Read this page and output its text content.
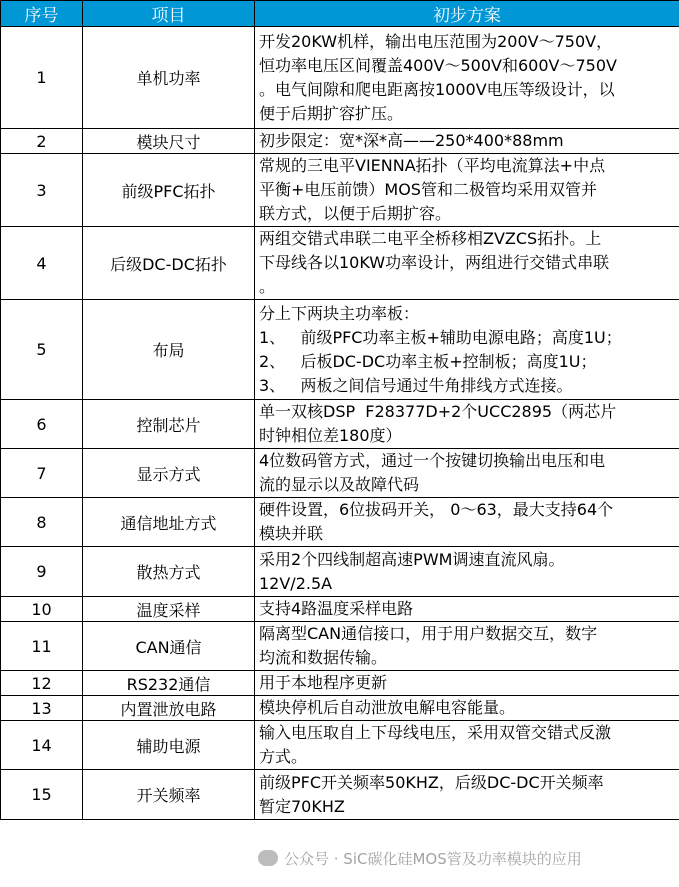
序号	项目	初步方案
1	单机功率	开发20KW机样，输出电压范围为200V～750V，
恒功率电压区间覆盖400V～500V和600V～750V
。电气间隙和爬电距离按1000V电压等级设计，以
便于后期扩容扩压。

2	模块尺寸	初步限定：宽*深*高——250*400*88mm

3	前级PFC拓扑	常规的三电平VIENNA拓扑（平均电流算法+中点
平衡+电压前馈）MOS管和二极管均采用双管并
联方式，以便于后期扩容。

4	后级DC-DC拓扑	两组交错式串联二电平全桥移相ZVZCS拓扑。上
下母线各以10KW功率设计，两组进行交错式串联
。

5	布局	分上下两块主功率板：
1、   前级PFC功率主板+辅助电源电路；高度1U；
2、   后板DC-DC功率主板+控制板；高度1U；
3、   两板之间信号通过牛角排线方式连接。

6	控制芯片	单一双核DSP  F28377D+2个UCC2895（两芯片
时钟相位差180度）

7	显示方式	4位数码管方式，通过一个按键切换输出电压和电
流的显示以及故障代码

8	通信地址方式	硬件设置，6位拔码开关， 0～63，最大支持64个
模块并联

9	散热方式	采用2个四线制超高速PWM调速直流风扇。
12V/2.5A

10	温度采样	支持4路温度采样电路

11	CAN通信	隔离型CAN通信接口，用于用户数据交互，数字
均流和数据传输。

12	RS232通信	用于本地程序更新

13	内置泄放电路	模块停机后自动泄放电解电容能量。

14	辅助电源	输入电压取自上下母线电压，采用双管交错式反激
方式。

15	开关频率	前级PFC开关频率50KHZ，后级DC-DC开关频率
暂定70KHZ
公众号 · SiC碳化硅MOS管及功率模块的应用
